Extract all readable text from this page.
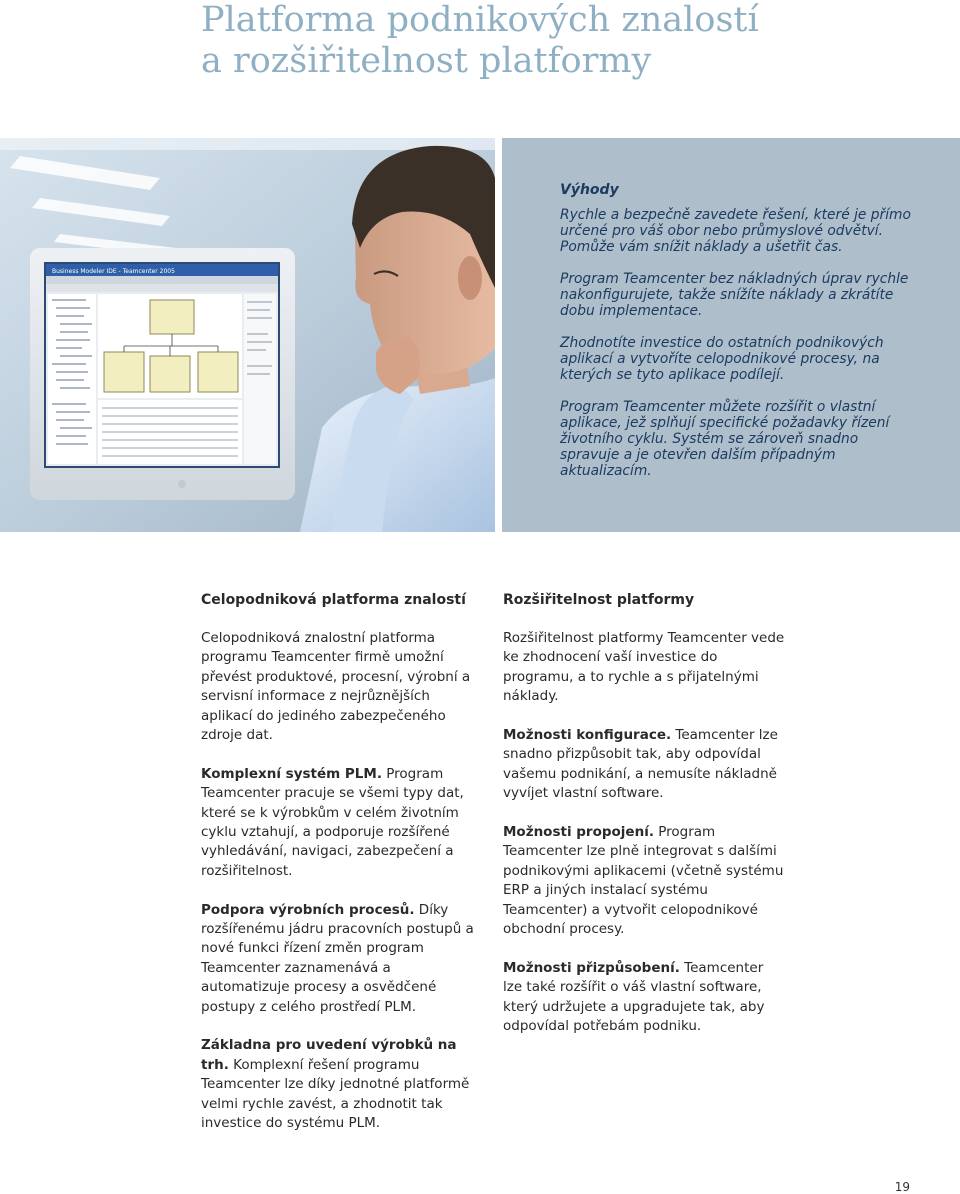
Platforma podnikových znalostí
a rozšiřitelnost platformy
Business Modeler IDE - Teamcenter 2005
Výhody

Rychle a bezpečně zavedete řešení, které je přímo určené pro váš obor nebo průmyslové odvětví. Pomůže vám snížit náklady a ušetřit čas.

Program Teamcenter bez nákladných úprav rychle nakonfigurujete, takže snížíte náklady a zkrátíte dobu implementace.

Zhodnotíte investice do ostatních podnikových aplikací a vytvoříte celopodnikové procesy, na kterých se tyto aplikace podílejí.

Program Teamcenter můžete rozšířit o vlastní aplikace, jež splňují specifické požadavky řízení životního cyklu. Systém se zároveň snadno spravuje a je otevřen dalším případným aktualizacím.

Celopodniková platforma znalostí

Celopodniková znalostní platforma programu Teamcenter firmě umožní převést produktové, procesní, výrobní a servisní informace z nejrůznějších aplikací do jediného zabezpečeného zdroje dat.

Komplexní systém PLM. Program Teamcenter pracuje se všemi typy dat, které se k výrobkům v celém životním cyklu vztahují, a podporuje rozšířené vyhledávání, navigaci, zabezpečení a rozšiřitelnost.

Podpora výrobních procesů. Díky rozšířenému jádru pracovních postupů a nové funkci řízení změn program Teamcenter zaznamenává a automatizuje procesy a osvědčené postupy z celého prostředí PLM.

Základna pro uvedení výrobků na trh. Komplexní řešení programu Teamcenter lze díky jednotné platformě velmi rychle zavést, a zhodnotit tak investice do systému PLM.

Rozšiřitelnost platformy

Rozšiřitelnost platformy Teamcenter vede ke zhodnocení vaší investice do programu, a to rychle a s přijatelnými náklady.

Možnosti konfigurace. Teamcenter lze snadno přizpůsobit tak, aby odpovídal vašemu podnikání, a nemusíte nákladně vyvíjet vlastní software.

Možnosti propojení. Program Teamcenter lze plně integrovat s dalšími podnikovými aplikacemi (včetně systému ERP a jiných instalací systému Teamcenter) a vytvořit celopodnikové obchodní procesy.

Možnosti přizpůsobení. Teamcenter lze také rozšířit o váš vlastní software, který udržujete a upgradujete tak, aby odpovídal potřebám podniku.

19
